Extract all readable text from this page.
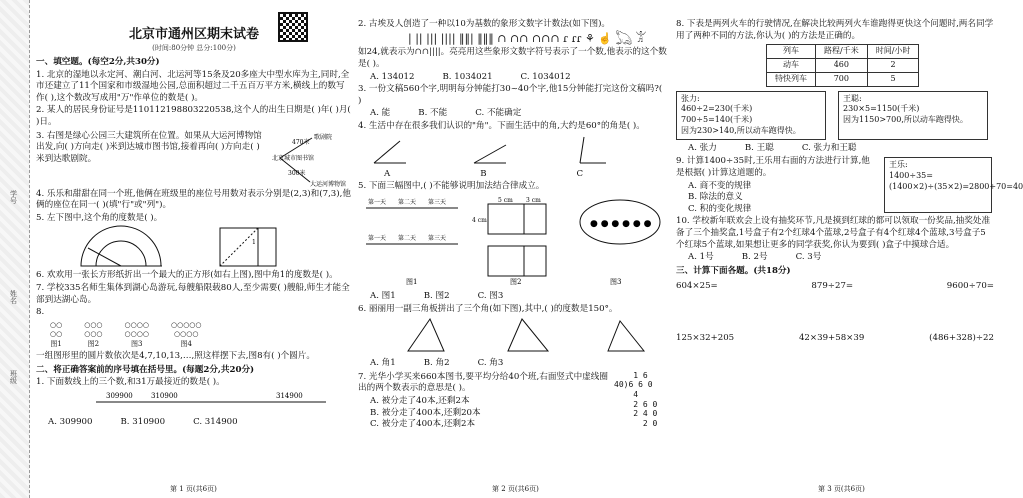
学号
姓名
班级
北京市通州区期末试卷
(时间:80分钟 总分:100分)
一、填空题。(每空2分,共30分)
1. 北京的湿地以永定河、潮白河、北运河等15条及20多座大中型水库为主,同时,全市还建立了11个国家和市级湿地公园,总面积超过二千五百万平方米,横线上的数写作( ),这个数改写成用"万"作单位的数是( )。
2. 某人的居民身份证号是110112198803220538,这个人的出生日期是( )年( )月( )日。
3. 右图是绿心公园三大建筑所在位置。如果从大运河博物馆出发,向( )方向走( )米到达城市图书馆,接着再向( )方向走( )米到达歌剧院。
歌剧院
470米
北京城市图书馆
300米
大运河博物馆
4. 乐乐和甜甜在同一个班,他俩在班级里的座位号用数对表示分别是(2,3)和(7,3),他俩的座位在同一( )(填"行"或"列")。
5. 左下图中,这个角的度数是( )。
1
6. 欢欢用一张长方形纸折出一个最大的正方形(如右上图),图中角1的度数是( )。
7. 学校335名师生集体到湖心岛游玩,每艘船限载80人,至少需要( )艘船,师生才能全部到达湖心岛。
8.
○○
○○
图1
○○○
○○○
图2
○○○○
○○○○
图3
○○○○○
○○○○
图4
一组图形里的圆片数依次是4,7,10,13,…,照这样摆下去,图8有( )个圆片。
二、将正确答案前的序号填在括号里。(每题2分,共20分)
1. 下面数线上的三个数,和31万最接近的数是( )。
309900	310900	314900
A. 309900	B. 310900	C. 314900
第 1 页(共6页)
2. 古埃及人创造了一种以10为基数的象形文数字计数法(如下图)。
| || ||| |||| ‖‖| ‖‖‖ ∩ ∩∩ ∩∩∩ ɾ ɾɾ ⚘ ☝ 𓆏 𓀠
如24,就表示为∩∩||||。亮亮用这些象形文数字符号表示了一个数,他表示的这个数是( )。
A. 134012	B. 1034021	C. 1034012
3. 一份文稿560个字,明明每分钟能打30~40个字,他15分钟能打完这份文稿吗?( )
A. 能	B. 不能	C. 不能确定
4. 生活中存在很多我们认识的"角"。下面生活中的角,大约是60°的角是( )。
A	B	C
5. 下面三幅图中,( )不能够说明加法结合律成立。
第一天 第二天 第三天
第一天 第二天 第三天
图1
5 cm 3 cm
4 cm
图2
● ● ● ● ● ●
图3
A. 图1	B. 图2	C. 图3
6. 丽丽用一副三角板拼出了三个角(如下图),其中,( )的度数是150°。
A. 角1	B. 角2	C. 角3
7. 光华小学买来660本图书,要平均分给40个班,右面竖式中虚线圈出的两个数表示的意思是( )。
A. 被分走了40本,还剩2本
B. 被分走了400本,还剩20本
C. 被分走了400本,还剩2本
1 6
40)6 6 0
4
2 6 0
2 4 0
2 0
第 2 页(共6页)
8. 下表是两列火车的行驶情况,在解决比较两列火车谁跑得更快这个问题时,两名同学用了两种不同的方法,你认为( )的方法是正确的。
列车	路程/千米	时间/小时
动车	460	2
特快列车	700	5
张力:
460÷2=230(千米)
700÷5=140(千米)
因为230>140,所以动车跑得快。
王聪:
230×5=1150(千米)
因为1150>700,所以动车跑得快。
A. 张力	B. 王聪	C. 张力和王聪
9. 计算1400÷35时,王乐用右面的方法进行计算,他是根据( )计算这道题的。
A. 商不变的规律
B. 除法的意义
C. 积的变化规律
王乐:
1400÷35=(1400×2)÷(35×2)=2800÷70=40
10. 学校新年联欢会上设有抽奖环节,凡是摸到红球的都可以领取一份奖品,抽奖处准备了三个抽奖盒,1号盒子有2个红球4个蓝球,2号盒子有4个红球4个蓝球,3号盒子5个红球5个蓝球,如果想让更多的同学获奖,你认为要到( )盒子中摸球合适。
A. 1号	B. 2号	C. 3号
三、计算下面各题。(共18分)
604×25=	879÷27=	9600÷70=
125×32+205	42×39+58×39	(486+328)÷22
第 3 页(共6页)
